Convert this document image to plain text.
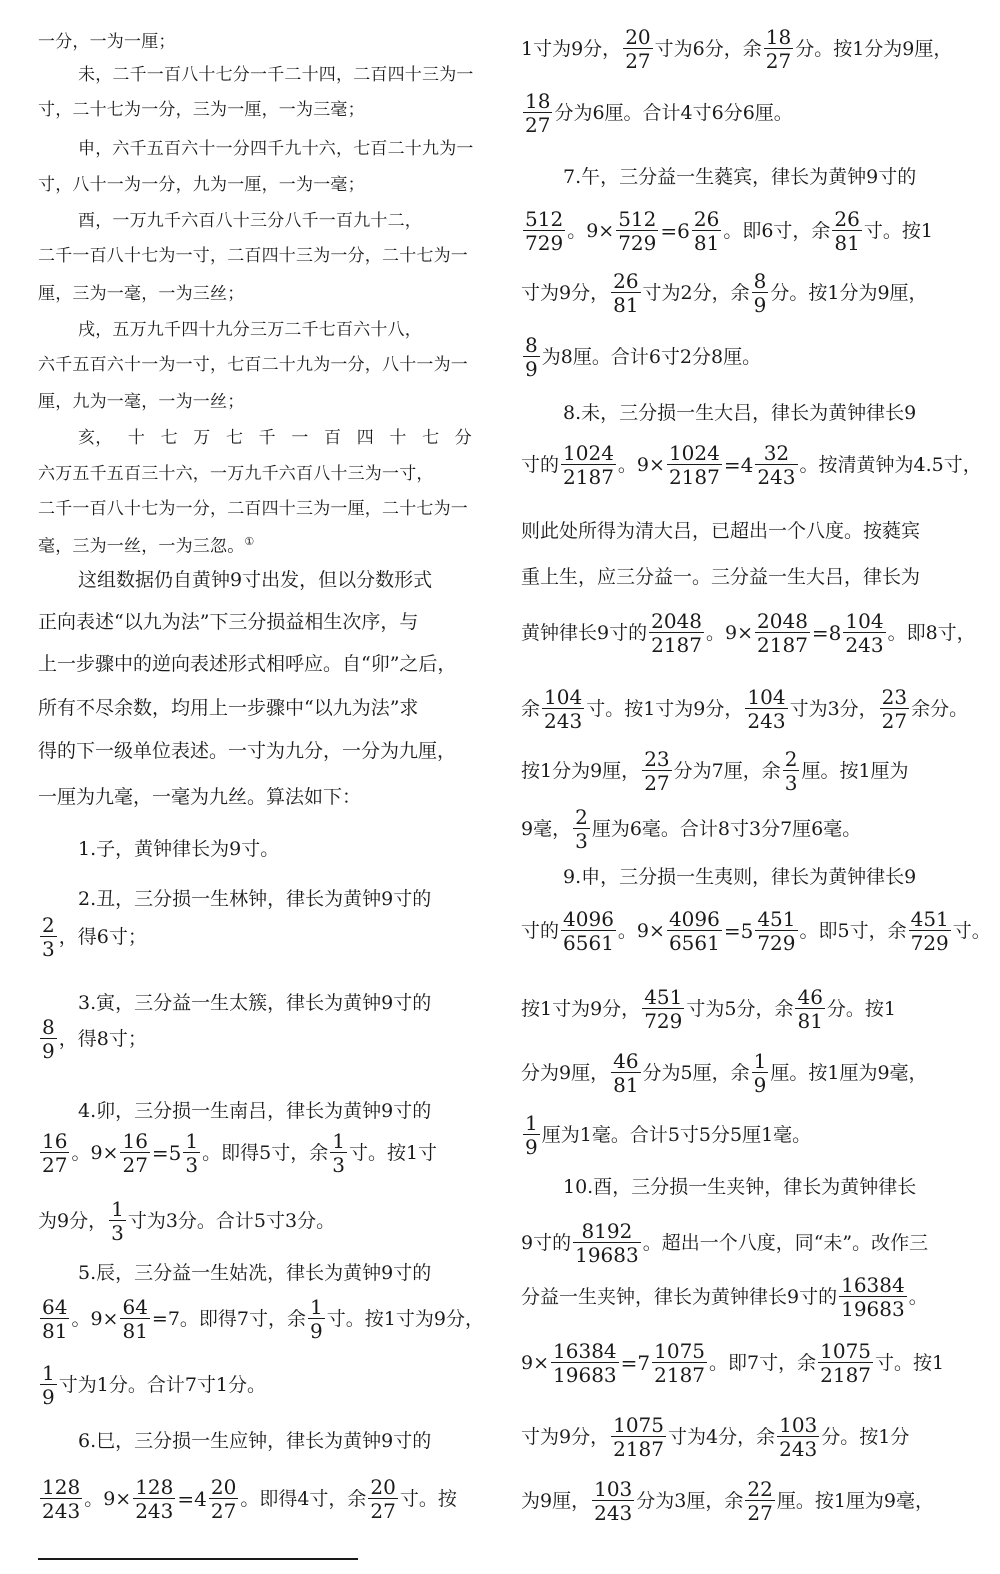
一分，一为一厘；
未，二千一百八十七分一千二十四，二百四十三为一
寸，二十七为一分，三为一厘，一为三毫；
申，六千五百六十一分四千九十六，七百二十九为一
寸，八十一为一分，九为一厘，一为一毫；
酉，一万九千六百八十三分八千一百九十二，
二千一百八十七为一寸，二百四十三为一分，二十七为一
厘，三为一毫，一为三丝；
戌，五万九千四十九分三万二千七百六十八，
六千五百六十一为一寸，七百二十九为一分，八十一为一
厘，九为一毫，一为一丝；
亥， 十 七 万 七 千 一 百 四 十 七 分
六万五千五百三十六，一万九千六百八十三为一寸，
二千一百八十七为一分，二百四十三为一厘，二十七为一
毫，三为一丝，一为三忽。①
这组数据仍自黄钟9寸出发，但以分数形式
正向表述“以九为法”下三分损益相生次序，与
上一步骤中的逆向表述形式相呼应。自“卯”之后，
所有不尽余数，均用上一步骤中“以九为法”求
得的下一级单位表述。一寸为九分，一分为九厘，
一厘为九毫，一毫为九丝。算法如下：
1.子，黄钟律长为9寸。
2.丑，三分损一生林钟，律长为黄钟9寸的
$\frac{2}{3}$ ，得6寸；
3.寅，三分益一生太簇，律长为黄钟9寸的
$\frac{8}{9}$ ，得8寸；
4.卯，三分损一生南吕，律长为黄钟9寸的
$\frac{16}{27}$ 。$9\times \frac{16}{27} =5 \frac{1}{3}$ 。即得5寸，余 $\frac{1}{3}$ 寸。按1寸
为9分， $\frac{1}{3}$ 寸为3分。合计5寸3分。
5.辰，三分益一生姑冼，律长为黄钟9寸的
$\frac{64}{81}$ 。$9\times \frac{64}{81} =7$。即得7寸，余 $\frac{1}{9}$ 寸。按1寸为9分，
$\frac{1}{9}$ 寸为1分。合计7寸1分。
6.巳，三分损一生应钟，律长为黄钟9寸的
$\frac{128}{243}$ 。$9\times \frac{128}{243} =4 \frac{20}{27}$ 。即得4寸，余 $\frac{20}{27}$ 寸。按
1寸为9分， $\frac{20}{27}$ 寸为6分，余 $\frac{18}{27}$ 分。按1分为9厘，
$\frac{18}{27}$ 分为6厘。合计4寸6分6厘。
7.午，三分益一生蕤宾，律长为黄钟9寸的
$\frac{512}{729}$ 。$9\times \frac{512}{729} =6 \frac{26}{81}$ 。即6寸，余 $\frac{26}{81}$ 寸。按1
寸为9分， $\frac{26}{81}$ 寸为2分，余 $\frac{8}{9}$ 分。按1分为9厘，
$\frac{8}{9}$ 为8厘。合计6寸2分8厘。
8.未，三分损一生大吕，律长为黄钟律长9
寸的 $\frac{1024}{2187}$ 。$9\times \frac{1024}{2187} =4 \frac{32}{243}$ 。按清黄钟为4.5寸，
则此处所得为清大吕，已超出一个八度。按蕤宾
重上生，应三分益一。三分益一生大吕，律长为
黄钟律长9寸的 $\frac{2048}{2187}$ 。$9\times \frac{2048}{2187} =8 \frac{104}{243}$ 。即8寸，
余 $\frac{104}{243}$ 寸。按1寸为9分， $\frac{104}{243}$ 寸为3分， $\frac{23}{27}$ 余分。
按1分为9厘， $\frac{23}{27}$ 分为7厘，余 $\frac{2}{3}$ 厘。按1厘为
9毫， $\frac{2}{3}$ 厘为6毫。合计8寸3分7厘6毫。
9.申，三分损一生夷则，律长为黄钟律长9
寸的 $\frac{4096}{6561}$ 。$9\times \frac{4096}{6561} =5 \frac{451}{729}$ 。即5寸，余 $\frac{451}{729}$ 寸。
按1寸为9分， $\frac{451}{729}$ 寸为5分，余 $\frac{46}{81}$ 分。按1
分为9厘， $\frac{46}{81}$ 分为5厘，余 $\frac{1}{9}$ 厘。按1厘为9毫，
$\frac{1}{9}$ 厘为1毫。合计5寸5分5厘1毫。
10.酉，三分损一生夹钟，律长为黄钟律长
9寸的 $\frac{8192}{19683}$ 。超出一个八度，同“未”。改作三
分益一生夹钟，律长为黄钟律长9寸的 $\frac{16384}{19683}$ 。
$9\times \frac{16384}{19683} =7 \frac{1075}{2187}$ 。即7寸，余 $\frac{1075}{2187}$ 寸。按1
寸为9分， $\frac{1075}{2187}$ 寸为4分，余 $\frac{103}{243}$ 分。按1分
为9厘， $\frac{103}{243}$ 分为3厘，余 $\frac{22}{27}$ 厘。按1厘为9毫，
